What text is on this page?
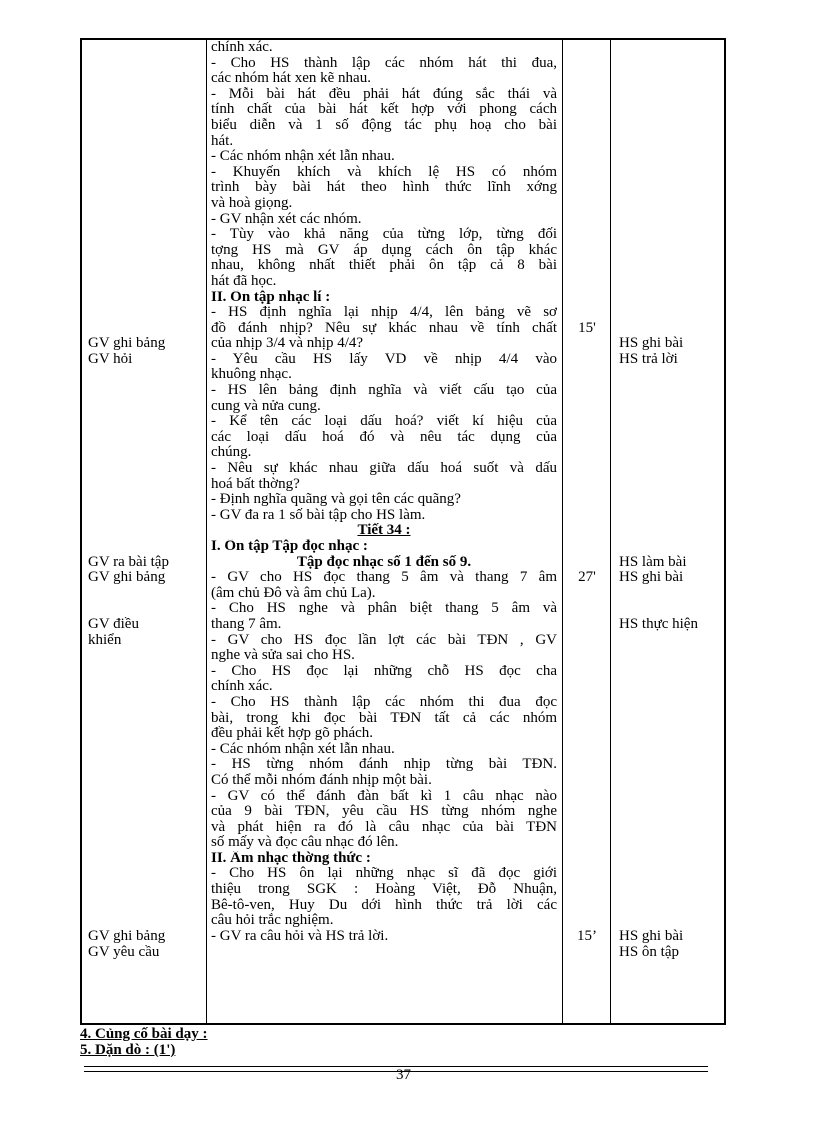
GV ghi bảng
GV hỏi
GV ra bài tập
GV ghi bảng
GV điều
khiển
GV ghi bảng
GV yêu cầu
chính xác.
- Cho HS thành lập các nhóm hát thi đua,
các nhóm hát xen kẽ nhau.
- Mỗi bài hát đều phải hát đúng sắc thái và
tính chất của bài hát kết hợp với phong cách
biểu diễn và 1 số động tác phụ hoạ cho bài
hát.
- Các nhóm nhận xét lẫn nhau.
- Khuyến khích và khích lệ HS có nhóm
trình bày bài hát theo hình thức lĩnh xớng
và hoà giọng.
- GV nhận xét các nhóm.
- Tùy vào khả năng của từng lớp, từng đối
tợng HS mà GV áp dụng cách ôn tập khác
nhau, không nhất thiết phải ôn tập cả 8 bài
hát đã học.
II. Ôn tập nhạc lí :
- HS định nghĩa lại nhịp 4/4, lên bảng vẽ sơ
đồ đánh nhịp? Nêu sự khác nhau về tính chất
của nhịp 3/4 và nhịp 4/4?
- Yêu cầu HS lấy VD về nhịp 4/4 vào
khuông nhạc.
- HS lên bảng định nghĩa và viết cấu tạo của
cung và nửa cung.
- Kể tên các loại dấu hoá? viết kí hiệu của
các loại dấu hoá đó và nêu tác dụng của
chúng.
- Nêu sự khác nhau giữa dấu hoá suốt và dấu
hoá bất thờng?
- Định nghĩa quãng và gọi tên các quãng?
- GV đa ra 1 số bài tập cho HS làm.
Tiết 34 :
I. Ôn tập Tập đọc nhạc :
Tập đọc nhạc số 1 đến số 9.
- GV cho HS đọc thang 5 âm và thang 7 âm
(âm chủ Đô và âm chủ La).
- Cho HS nghe và phân biệt thang 5 âm và
thang 7 âm.
- GV cho HS đọc lần lợt các bài TĐN , GV
nghe và sửa sai cho HS.
- Cho HS đọc lại những chỗ HS đọc cha
chính xác.
- Cho HS thành lập các nhóm thi đua đọc
bài, trong khi đọc bài TĐN tất cả các nhóm
đều phải kết hợp gõ phách.
- Các nhóm nhận xét lẫn nhau.
- HS từng nhóm đánh nhịp từng bài TĐN.
Có thể mỗi nhóm đánh nhịp một bài.
- GV có thể đánh đàn bất kì 1 câu nhạc nào
của 9 bài TĐN, yêu cầu HS từng nhóm nghe
và phát hiện ra đó là câu nhạc của bài TĐN
số mấy và đọc câu nhạc đó lên.
II. Âm nhạc thờng thức :
- Cho HS ôn lại những nhạc sĩ đã đọc giới
thiệu trong SGK : Hoàng Việt, Đỗ Nhuận,
Bê-tô-ven, Huy Du dới hình thức trả lời các
câu hỏi trắc nghiệm.
- GV ra câu hỏi và HS trả lời.
15'
27'
15’
HS ghi bài
HS trả lời
HS làm bài
HS ghi bài
HS thực hiện
HS ghi bài
HS ôn tập
4. Củng cố bài dạy :
5. Dặn dò : (1')
37
